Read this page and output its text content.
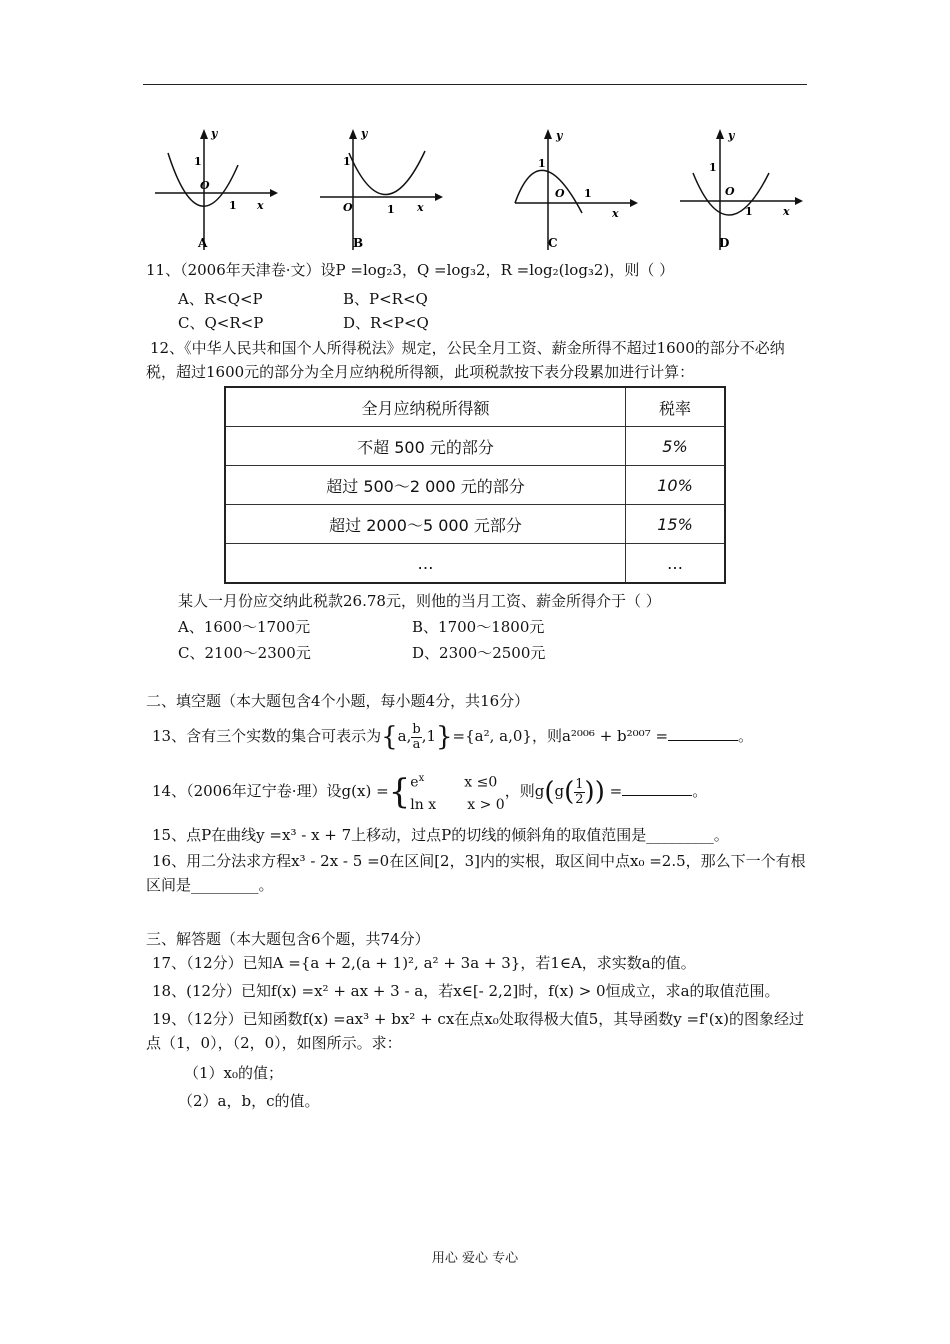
y
x
1
O
1
A
y
x
1
O	1
B
y
x
1
O 1
C
y
x
1
O
1
D
11、（2006年天津卷·文）设P =log₂3，Q =log₃2，R =log₂(log₃2)，则（ ）
A、R<Q<P	B、P<R<Q
C、Q<R<P	D、R<P<Q
12、《中华人民共和国个人所得税法》规定，公民全月工资、薪金所得不超过1600的部分不必纳税，超过1600元的部分为全月应纳税所得额，此项税款按下表分段累加进行计算：
全月应纳税所得额	税率
不超 500 元的部分	5%
超过 500～2 000 元的部分	10%
超过 2000～5 000 元部分	15%
…	…
某人一月份应交纳此税款26.78元，则他的当月工资、薪金所得介于（ ）
A、1600～1700元	B、1700～1800元
C、2100～2300元	D、2300～2500元
二、填空题（本大题包含4个小题，每小题4分，共16分）
13、含有三个实数的集合可表示为{a, $\frac{b}{a} ,1\}=\{a^2$, a,0}，则a²⁰⁰⁶ + b²⁰⁰⁷ =	。
14、（2006年辽宁卷·理）设g(x) ={ $e^x$         x ≤0
ln x       x > 0
，则$g(g( \frac{1}{2}$ )) =	。
15、点P在曲线y =x³ - x + 7上移动，过点P的切线的倾斜角的取值范围是_________。
16、用二分法求方程x³ - 2x - 5 =0在区间[2，3]内的实根，取区间中点x₀ =2.5，那么下一个有根区间是_________。
三、解答题（本大题包含6个题，共74分）
17、（12分）已知A ={a + 2,(a + 1)², a² + 3a + 3}，若1∈A，求实数a的值。
18、(12分）已知f(x) =x² + ax + 3 - a，若x∈[- 2,2]时，f(x) > 0恒成立，求a的取值范围。
19、（12分）已知函数f(x) =ax³ + bx² + cx在点x₀处取得极大值5，其导函数y =f'(x)的图象经过点（1，0），（2，0），如图所示。求：
（1）x₀的值；
（2）a，b，c的值。
用心 爱心 专心
